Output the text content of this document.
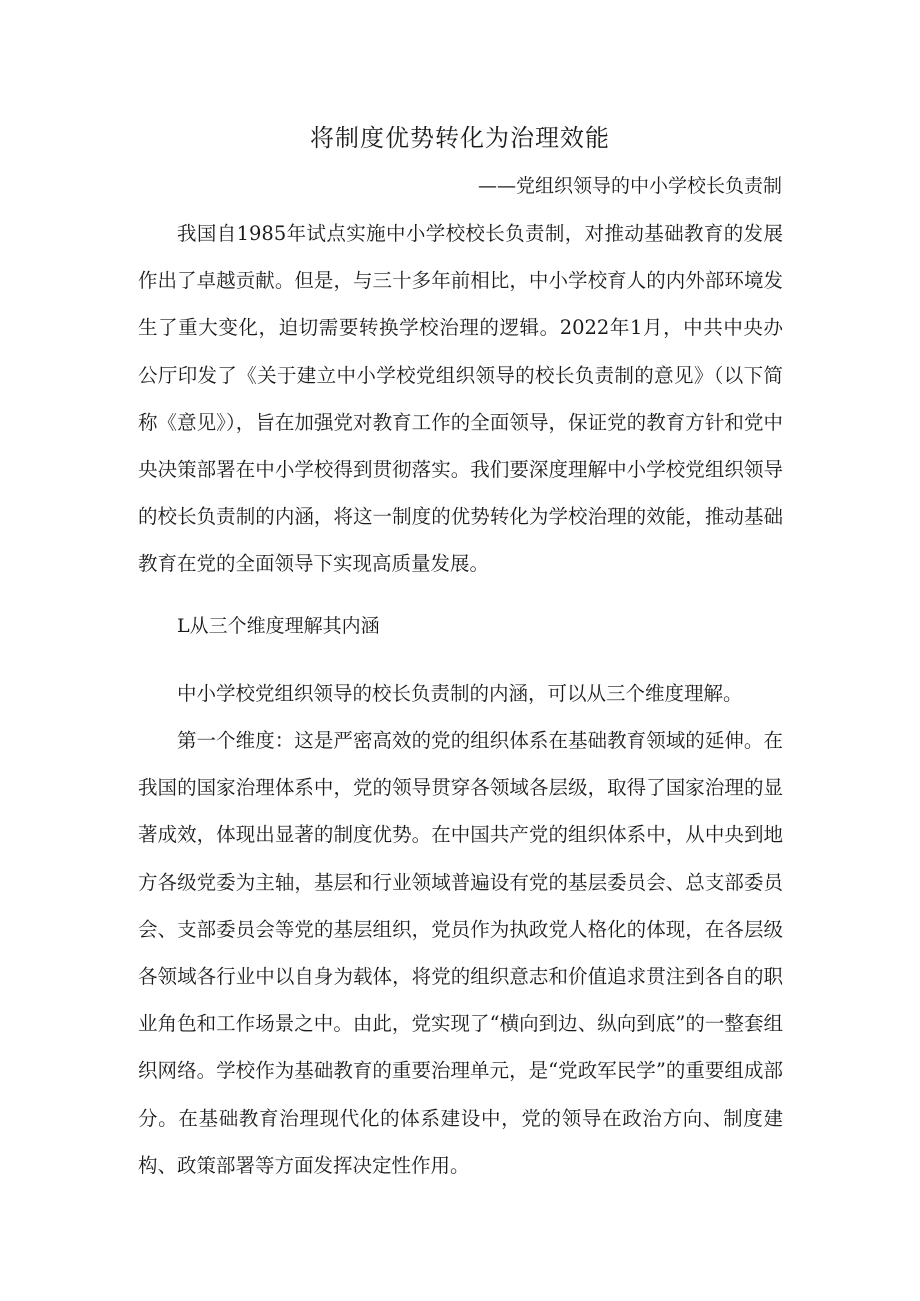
将制度优势转化为治理效能
——党组织领导的中小学校长负责制

我国自1985年试点实施中小学校校长负责制，对推动基础教育的发展作出了卓越贡献。但是，与三十多年前相比，中小学校育人的内外部环境发生了重大变化，迫切需要转换学校治理的逻辑。2022年1月，中共中央办公厅印发了《关于建立中小学校党组织领导的校长负责制的意见》（以下简称《意见》），旨在加强党对教育工作的全面领导，保证党的教育方针和党中央决策部署在中小学校得到贯彻落实。我们要深度理解中小学校党组织领导的校长负责制的内涵，将这一制度的优势转化为学校治理的效能，推动基础教育在党的全面领导下实现高质量发展。

L从三个维度理解其内涵

中小学校党组织领导的校长负责制的内涵，可以从三个维度理解。

第一个维度：这是严密高效的党的组织体系在基础教育领域的延伸。在我国的国家治理体系中，党的领导贯穿各领域各层级，取得了国家治理的显著成效，体现出显著的制度优势。在中国共产党的组织体系中，从中央到地方各级党委为主轴，基层和行业领域普遍设有党的基层委员会、总支部委员会、支部委员会等党的基层组织，党员作为执政党人格化的体现，在各层级各领域各行业中以自身为载体，将党的组织意志和价值追求贯注到各自的职业角色和工作场景之中。由此，党实现了“横向到边、纵向到底”的一整套组织网络。学校作为基础教育的重要治理单元，是“党政军民学”的重要组成部分。在基础教育治理现代化的体系建设中，党的领导在政治方向、制度建构、政策部署等方面发挥决定性作用。
